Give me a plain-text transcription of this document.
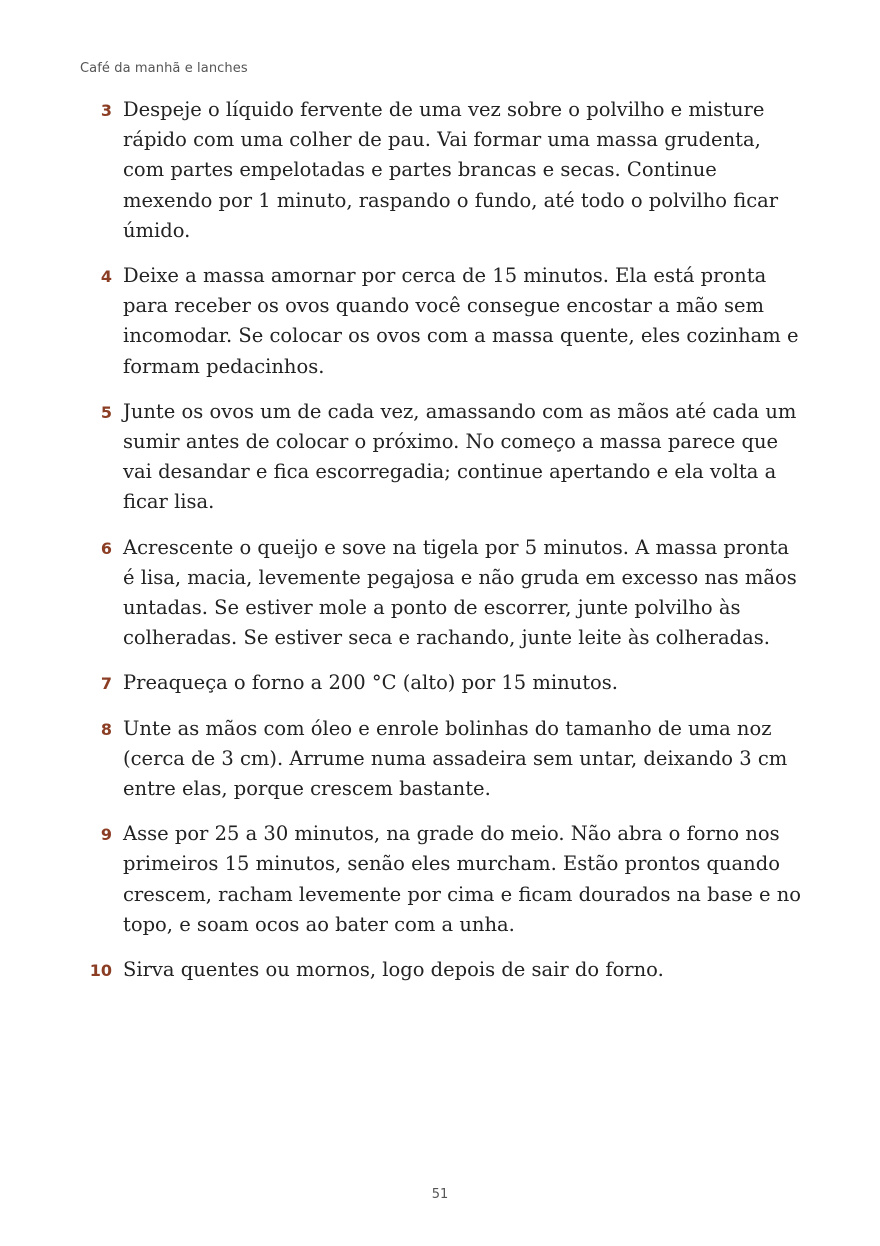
Café da manhã e lanches
3 Despeje o líquido fervente de uma vez sobre o polvilho e misture rápido com uma colher de pau. Vai formar uma massa grudenta, com partes empelotadas e partes brancas e secas. Continue mexendo por 1 minuto, raspando o fundo, até todo o polvilho ficar úmido.

4 Deixe a massa amornar por cerca de 15 minutos. Ela está pronta para receber os ovos quando você consegue encostar a mão sem incomodar. Se colocar os ovos com a massa quente, eles cozinham e formam pedacinhos.

5 Junte os ovos um de cada vez, amassando com as mãos até cada um sumir antes de colocar o próximo. No começo a massa parece que vai desandar e fica escorregadia; continue apertando e ela volta a ficar lisa.

6 Acrescente o queijo e sove na tigela por 5 minutos. A massa pronta é lisa, macia, levemente pegajosa e não gruda em excesso nas mãos untadas. Se estiver mole a ponto de escorrer, junte polvilho às colheradas. Se estiver seca e rachando, junte leite às colheradas.

7 Preaqueça o forno a 200 °C (alto) por 15 minutos.

8 Unte as mãos com óleo e enrole bolinhas do tamanho de uma noz (cerca de 3 cm). Arrume numa assadeira sem untar, deixando 3 cm entre elas, porque crescem bastante.

9 Asse por 25 a 30 minutos, na grade do meio. Não abra o forno nos primeiros 15 minutos, senão eles murcham. Estão prontos quando crescem, racham levemente por cima e ficam dourados na base e no topo, e soam ocos ao bater com a unha.

10 Sirva quentes ou mornos, logo depois de sair do forno.

51
